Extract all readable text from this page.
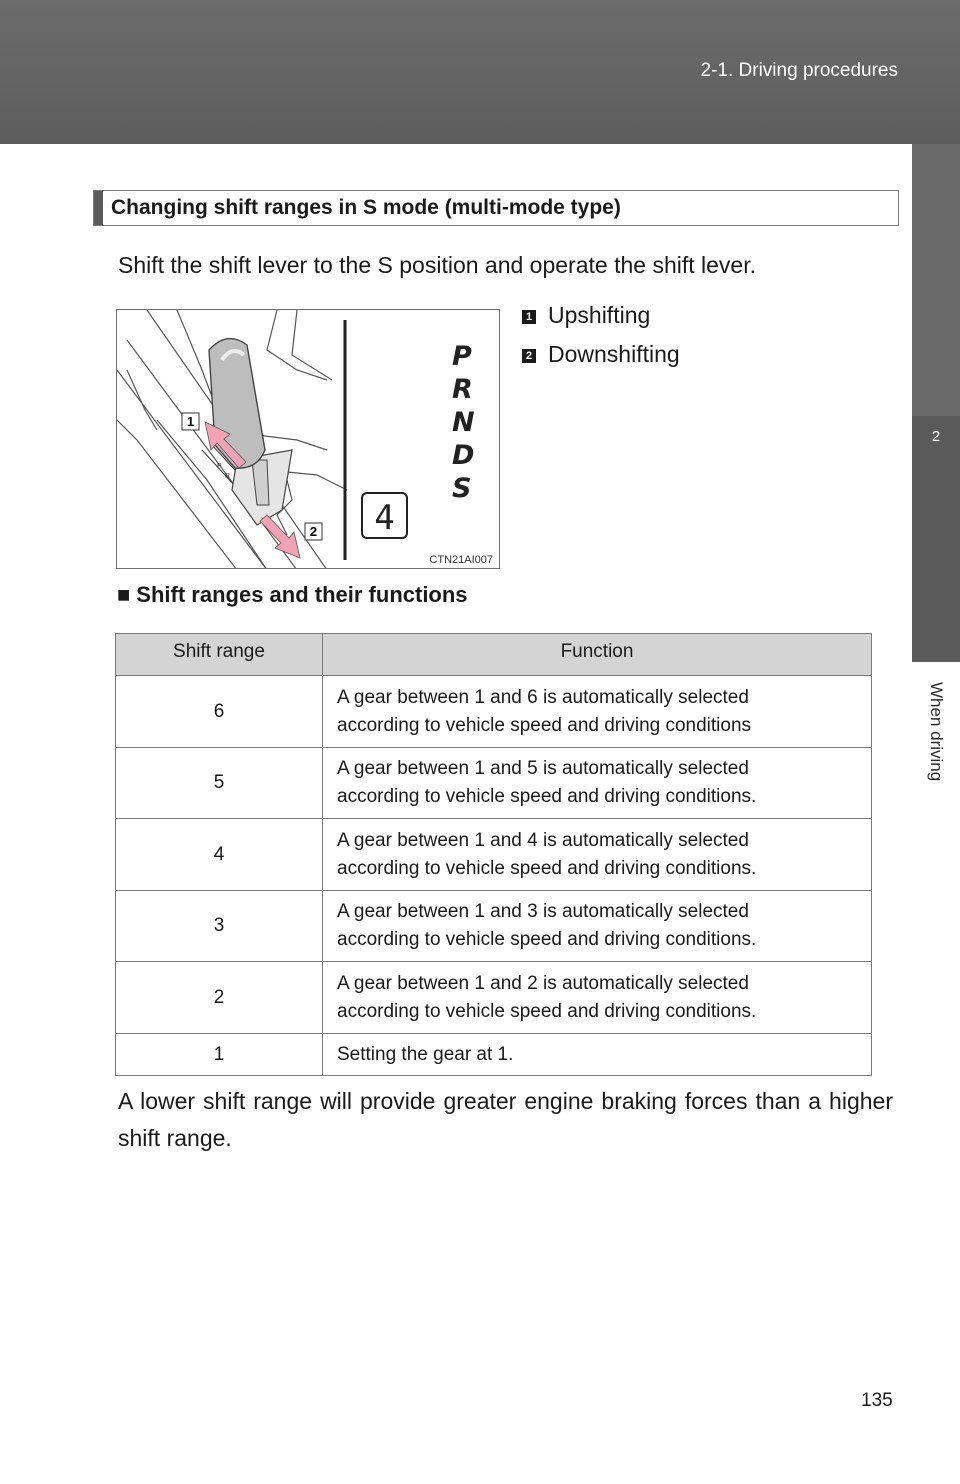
2-1. Driving procedures
2
When driving
Changing shift ranges in S mode (multi-mode type)
Shift the shift lever to the S position and operate the shift lever.
P
R
1
2
P
R
N
D
S
4
CTN21AI007
1 Upshifting
2 Downshifting
■ Shift ranges and their functions
Shift range	Function
6	A gear between 1 and 6 is automatically selected
according to vehicle speed and driving conditions

5	A gear between 1 and 5 is automatically selected
according to vehicle speed and driving conditions.

4	A gear between 1 and 4 is automatically selected
according to vehicle speed and driving conditions.

3	A gear between 1 and 3 is automatically selected
according to vehicle speed and driving conditions.

2	A gear between 1 and 2 is automatically selected
according to vehicle speed and driving conditions.

1	Setting the gear at 1.
A lower shift range will provide greater engine braking forces than a higher shift range.
135
